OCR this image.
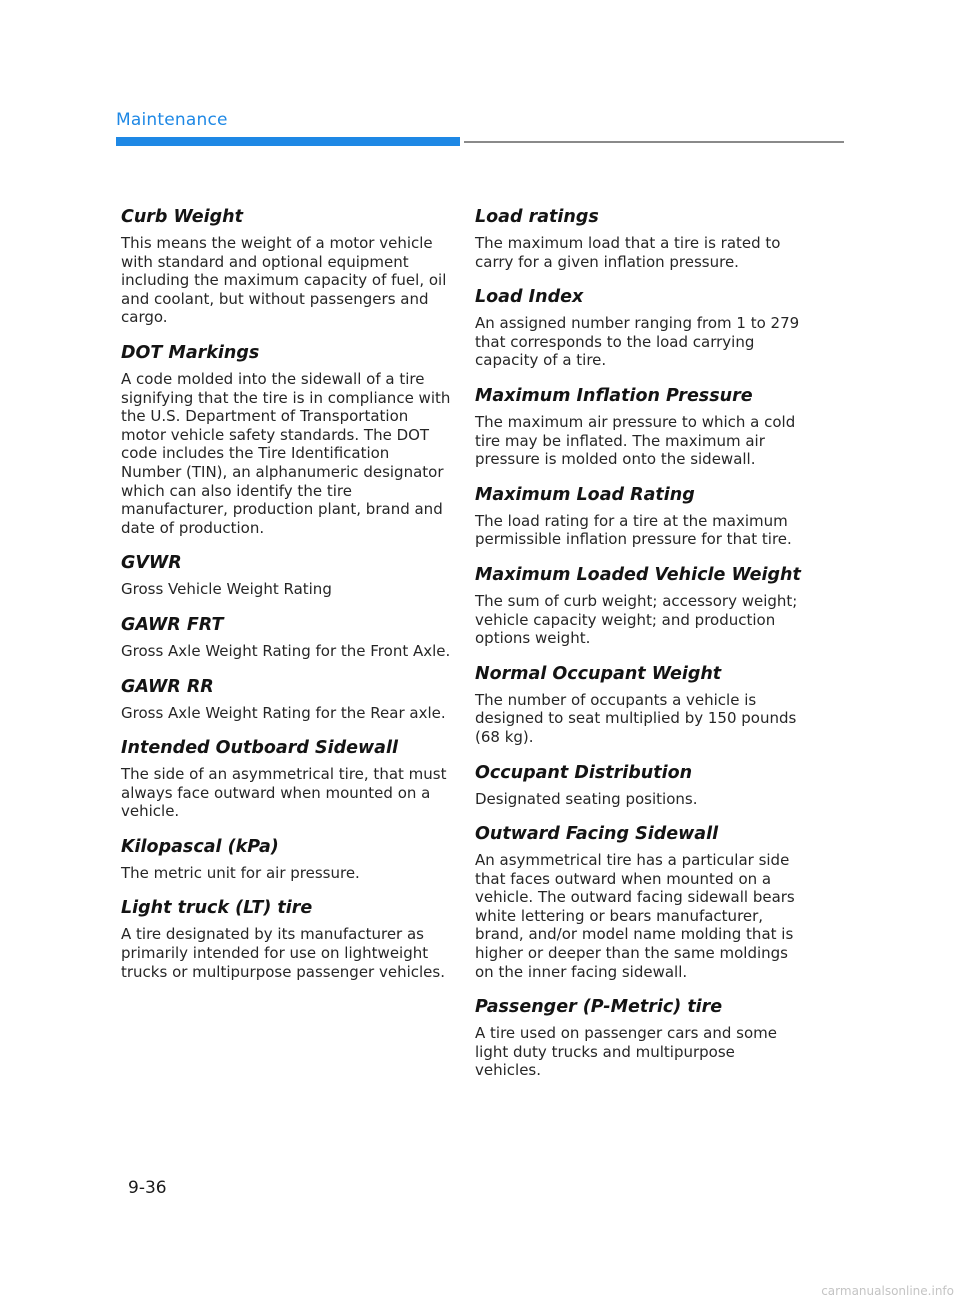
Maintenance
Curb Weight

This means the weight of a motor vehicle with standard and optional equipment including the maximum capacity of fuel, oil and coolant, but without passengers and cargo.

DOT Markings

A code molded into the sidewall of a tire signifying that the tire is in compliance with the U.S. Department of Transportation motor vehicle safety standards. The DOT code includes the Tire Identification Number (TIN), an alphanumeric designator which can also identify the tire manufacturer, production plant, brand and date of production.

GVWR

Gross Vehicle Weight Rating

GAWR FRT

Gross Axle Weight Rating for the Front Axle.

GAWR RR

Gross Axle Weight Rating for the Rear axle.

Intended Outboard Sidewall

The side of an asymmetrical tire, that must always face outward when mounted on a vehicle.

Kilopascal (kPa)

The metric unit for air pressure.

Light truck (LT) tire

A tire designated by its manufacturer as primarily intended for use on lightweight trucks or multipurpose passenger vehicles.

Load ratings

The maximum load that a tire is rated to carry for a given inflation pressure.

Load Index

An assigned number ranging from 1 to 279 that corresponds to the load carrying capacity of a tire.

Maximum Inflation Pressure

The maximum air pressure to which a cold tire may be inflated. The maximum air pressure is molded onto the sidewall.

Maximum Load Rating

The load rating for a tire at the maximum permissible inflation pressure for that tire.

Maximum Loaded Vehicle Weight

The sum of curb weight; accessory weight; vehicle capacity weight; and production options weight.

Normal Occupant Weight

The number of occupants a vehicle is designed to seat multiplied by 150 pounds (68 kg).

Occupant Distribution

Designated seating positions.

Outward Facing Sidewall

An asymmetrical tire has a particular side that faces outward when mounted on a vehicle. The outward facing sidewall bears white lettering or bears manufacturer, brand, and/or model name molding that is higher or deeper than the same moldings on the inner facing sidewall.

Passenger (P-Metric) tire

A tire used on passenger cars and some light duty trucks and multipurpose vehicles.

9-36
carmanualsonline.info
